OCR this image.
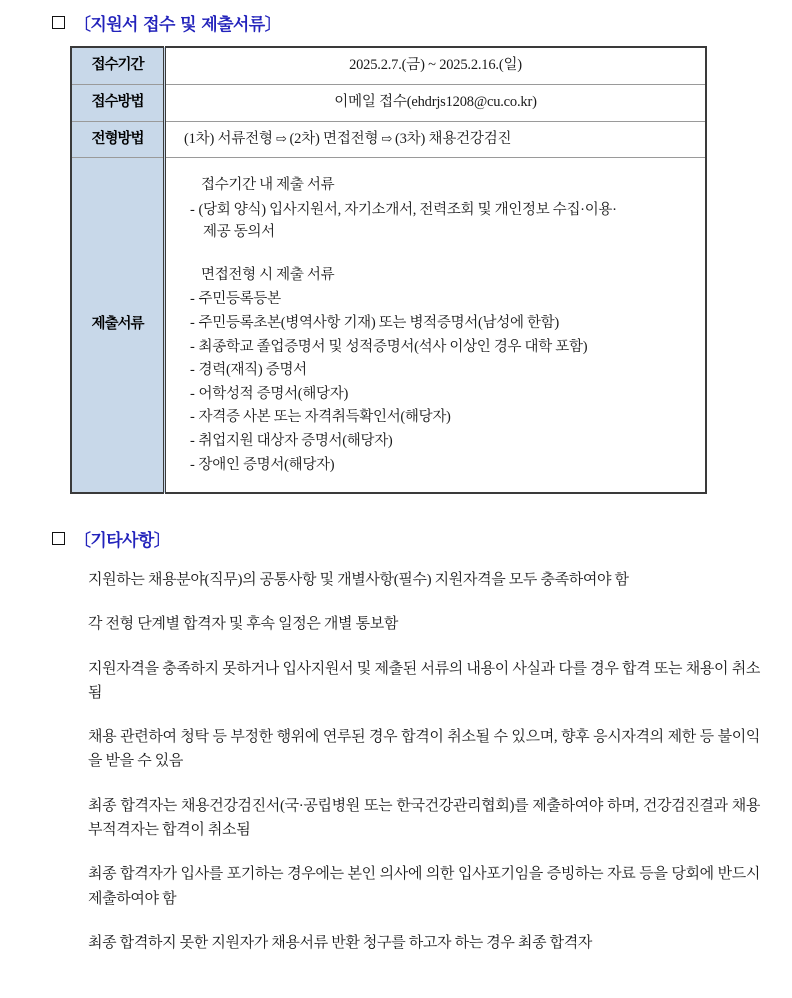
〔지원서 접수 및 제출서류〕
접수기간	2025.2.7.(금) ~ 2025.2.16.(일)
접수방법	이메일 접수(ehdrjs1208@cu.co.kr)
전형방법	(1차) 서류전형 ⇨ (2차) 면접전형 ⇨ (3차) 채용건강검진
제출서류	
접수기간 내 제출 서류
- (당회 양식) 입사지원서, 자기소개서, 전력조회 및 개인정보 수집·이용·
제공 동의서
면접전형 시 제출 서류
- 주민등록등본
- 주민등록초본(병역사항 기재) 또는 병적증명서(남성에 한함)
- 최종학교 졸업증명서 및 성적증명서(석사 이상인 경우 대학 포함)
- 경력(재직) 증명서
- 어학성적 증명서(해당자)
- 자격증 사본 또는 자격취득확인서(해당자)
- 취업지원 대상자 증명서(해당자)
- 장애인 증명서(해당자)
〔기타사항〕

지원하는 채용분야(직무)의 공통사항 및 개별사항(필수) 지원자격을 모두 충족하여야 함

각 전형 단계별 합격자 및 후속 일정은 개별 통보함

지원자격을 충족하지 못하거나 입사지원서 및 제출된 서류의 내용이 사실과 다를 경우 합격 또는 채용이 취소됨

채용 관련하여 청탁 등 부정한 행위에 연루된 경우 합격이 취소될 수 있으며, 향후 응시자격의 제한 등 불이익을 받을 수 있음

최종 합격자는 채용건강검진서(국·공립병원 또는 한국건강관리협회)를 제출하여야 하며, 건강검진결과 채용 부적격자는 합격이 취소됨

최종 합격자가 입사를 포기하는 경우에는 본인 의사에 의한 입사포기임을 증빙하는 자료 등을 당회에 반드시 제출하여야 함

최종 합격하지 못한 지원자가 채용서류 반환 청구를 하고자 하는 경우 최종 합격자
